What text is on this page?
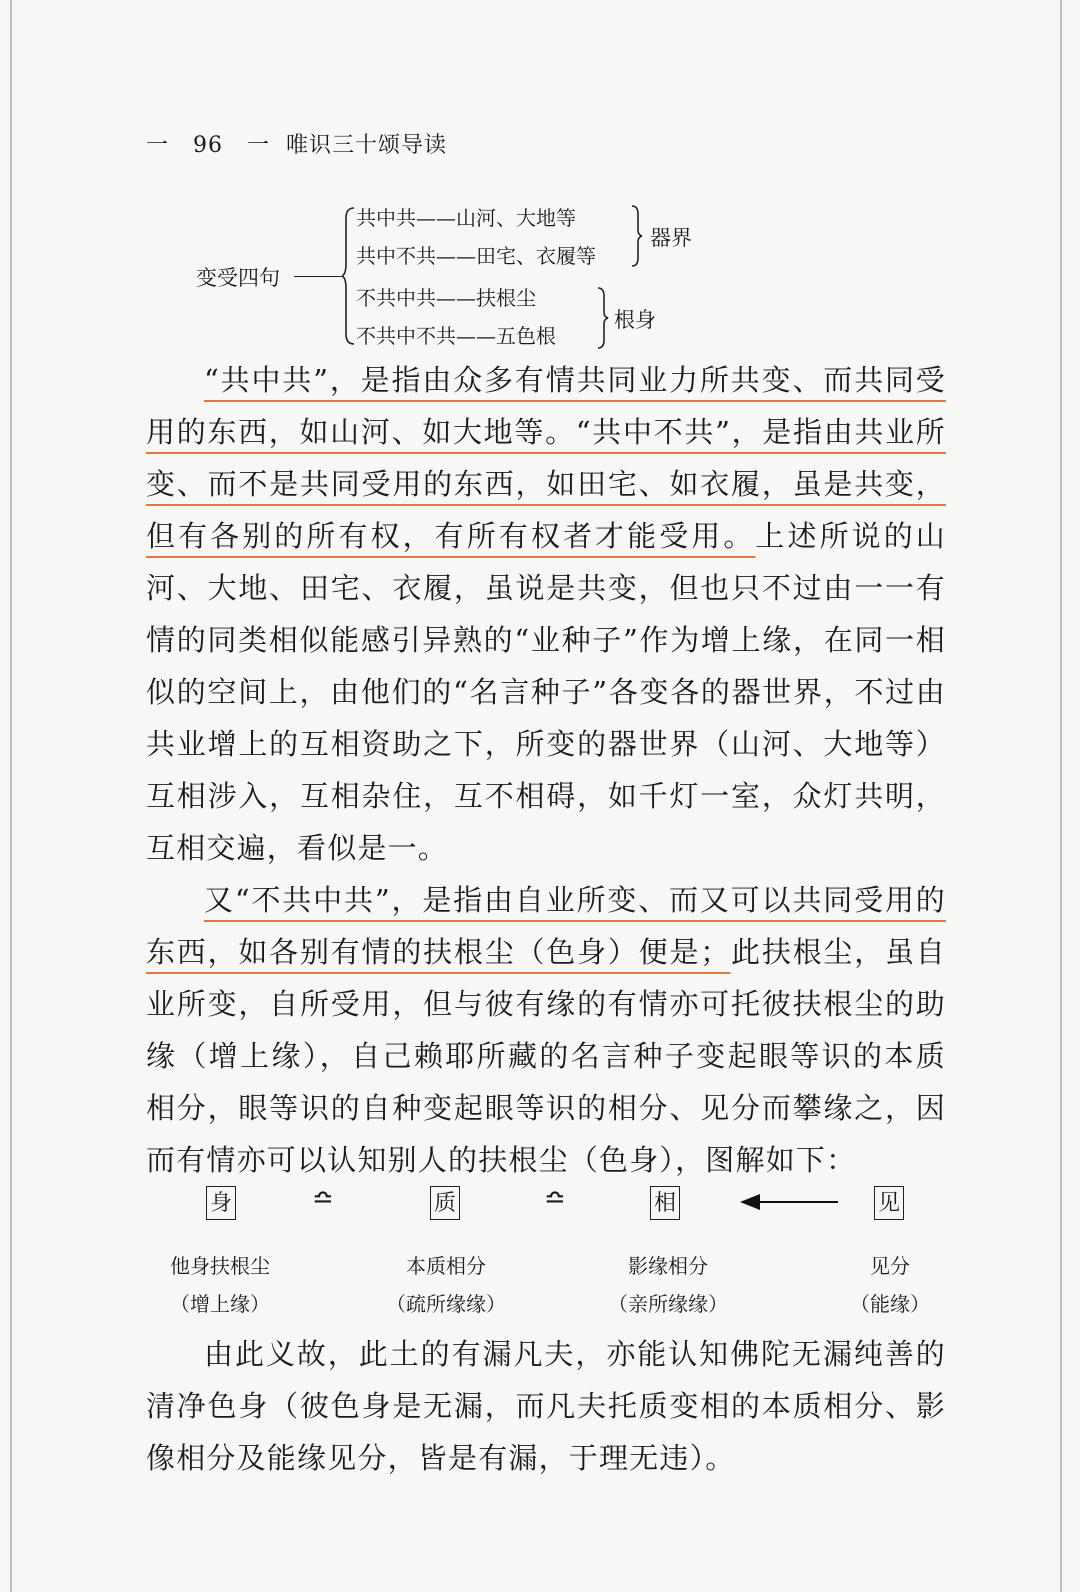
一 96 一 唯识三十颂导读
变受四句
共中共——山河、大地等
共中不共——田宅、衣履等
不共中共——扶根尘
不共中不共——五色根
器界
根身

“共中共”，是指由众多有情共同业力所共变、而共同受用的东西，如山河、如大地等。“共中不共”，是指由共业所变、而不是共同受用的东西，如田宅、如衣履，虽是共变，但有各别的所有权，有所有权者才能受用。上述所说的山河、大地、田宅、衣履，虽说是共变，但也只不过由一一有情的同类相似能感引异熟的“业种子”作为增上缘，在同一相似的空间上，由他们的“名言种子”各变各的器世界，不过由共业增上的互相资助之下，所变的器世界（山河、大地等）互相涉入，互相杂住，互不相碍，如千灯一室，众灯共明，互相交遍，看似是一。

又“不共中共”，是指由自业所变、而又可以共同受用的东西，如各别有情的扶根尘（色身）便是；此扶根尘，虽自业所变，自所受用，但与彼有缘的有情亦可托彼扶根尘的助缘（增上缘），自己赖耶所藏的名言种子变起眼等识的本质相分，眼等识的自种变起眼等识的相分、见分而攀缘之，因而有情亦可以认知别人的扶根尘（色身），图解如下：

身	≏	质	≏	相	见
他身扶根尘
（增上缘）
本质相分
（疏所缘缘）
影缘相分
（亲所缘缘）
见分
（能缘）

由此义故，此土的有漏凡夫，亦能认知佛陀无漏纯善的清净色身（彼色身是无漏，而凡夫托质变相的本质相分、影像相分及能缘见分，皆是有漏，于理无违）。
